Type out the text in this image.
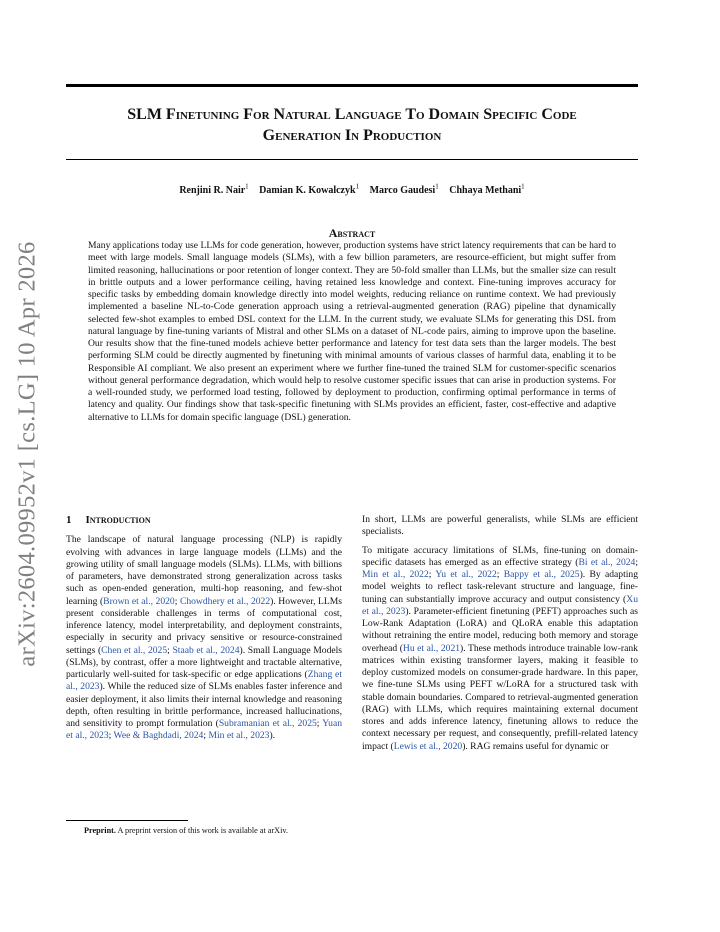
arXiv:2604.09952v1 [cs.LG] 10 Apr 2026
SLM Finetuning For Natural Language To Domain Specific Code
Generation In Production
Renjini R. Nair$^1$ Damian K. Kowalczyk$^1$ Marco Gaudesi$^1$ Chhaya Methani$^1$
Abstract

Many applications today use LLMs for code generation, however, production systems have strict latency requirements that can be hard to meet with large models. Small language models (SLMs), with a few billion parameters, are resource-efficient, but might suffer from limited reasoning, hallucinations or poor retention of longer context. They are 50-fold smaller than LLMs, but the smaller size can result in brittle outputs and a lower performance ceiling, having retained less knowledge and context. Fine-tuning improves accuracy for specific tasks by embedding domain knowledge directly into model weights, reducing reliance on runtime context. We had previously implemented a baseline NL-to-Code generation approach using a retrieval-augmented generation (RAG) pipeline that dynamically selected few-shot examples to embed DSL context for the LLM. In the current study, we evaluate SLMs for generating this DSL from natural language by fine-tuning variants of Mistral and other SLMs on a dataset of NL-code pairs, aiming to improve upon the baseline. Our results show that the fine-tuned models achieve better performance and latency for test data sets than the larger models. The best performing SLM could be directly augmented by finetuning with minimal amounts of various classes of harmful data, enabling it to be Responsible AI compliant. We also present an experiment where we further fine-tuned the trained SLM for customer-specific scenarios without general performance degradation, which would help to resolve customer specific issues that can arise in production systems. For a well-rounded study, we performed load testing, followed by deployment to production, confirming optimal performance in terms of latency and quality. Our findings show that task-specific finetuning with SLMs provides an efficient, faster, cost-effective and adaptive alternative to LLMs for domain specific language (DSL) generation.

1 Introduction

The landscape of natural language processing (NLP) is rapidly evolving with advances in large language models (LLMs) and the growing utility of small language models (SLMs). LLMs, with billions of parameters, have demonstrated strong generalization across tasks such as open-ended generation, multi-hop reasoning, and few-shot learning (Brown et al., 2020; Chowdhery et al., 2022). However, LLMs present considerable challenges in terms of computational cost, inference latency, model interpretability, and deployment constraints, especially in security and privacy sensitive or resource-constrained settings (Chen et al., 2025; Staab et al., 2024). Small Language Models (SLMs), by contrast, offer a more lightweight and tractable alternative, particularly well-suited for task-specific or edge applications (Zhang et al., 2023). While the reduced size of SLMs enables faster inference and easier deployment, it also limits their internal knowledge and reasoning depth, often resulting in brittle performance, increased hallucinations, and sensitivity to prompt formulation (Subramanian et al., 2025; Yuan et al., 2023; Wee & Baghdadi, 2024; Min et al., 2023).

Preprint. A preprint version of this work is available at arXiv.

In short, LLMs are powerful generalists, while SLMs are efficient specialists.

To mitigate accuracy limitations of SLMs, fine-tuning on domain-specific datasets has emerged as an effective strategy (Bi et al., 2024; Min et al., 2022; Yu et al., 2022; Bappy et al., 2025). By adapting model weights to reflect task-relevant structure and language, fine-tuning can substantially improve accuracy and output consistency (Xu et al., 2023). Parameter-efficient finetuning (PEFT) approaches such as Low-Rank Adaptation (LoRA) and QLoRA enable this adaptation without retraining the entire model, reducing both memory and storage overhead (Hu et al., 2021). These methods introduce trainable low-rank matrices within existing transformer layers, making it feasible to deploy customized models on consumer-grade hardware. In this paper, we fine-tune SLMs using PEFT w/LoRA for a structured task with stable domain boundaries. Compared to retrieval-augmented generation (RAG) with LLMs, which requires maintaining external document stores and adds inference latency, finetuning allows to reduce the context necessary per request, and consequently, prefill-related latency impact (Lewis et al., 2020). RAG remains useful for dynamic or
